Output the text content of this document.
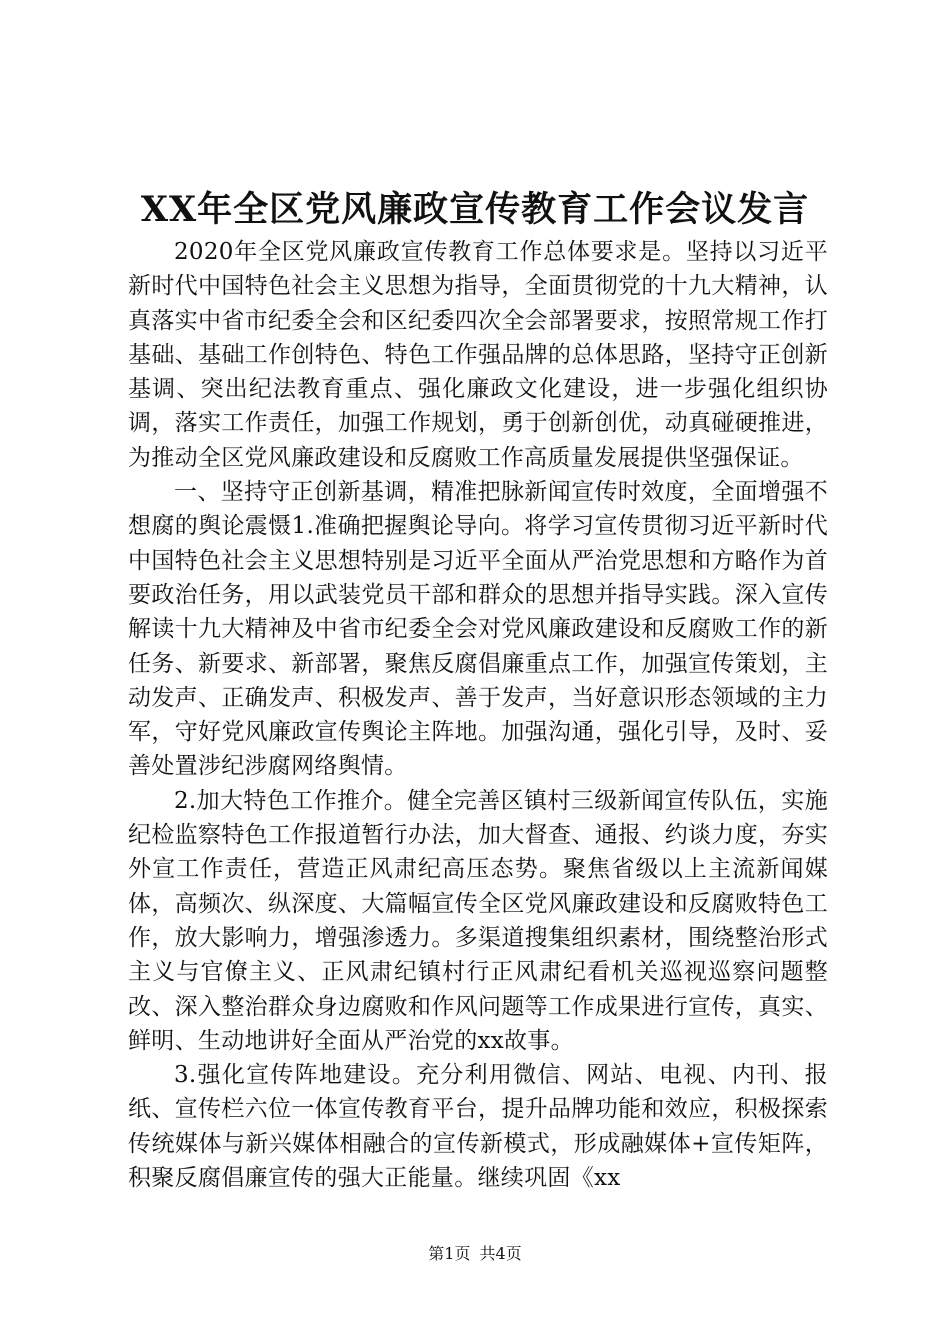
XX年全区党风廉政宣传教育工作会议发言

2020年全区党风廉政宣传教育工作总体要求是。坚持以习近平新时代中国特色社会主义思想为指导，全面贯彻党的十九大精神，认真落实中省市纪委全会和区纪委四次全会部署要求，按照常规工作打基础、基础工作创特色、特色工作强品牌的总体思路，坚持守正创新基调、突出纪法教育重点、强化廉政文化建设，进一步强化组织协调，落实工作责任，加强工作规划，勇于创新创优，动真碰硬推进，为推动全区党风廉政建设和反腐败工作高质量发展提供坚强保证。

一、坚持守正创新基调，精准把脉新闻宣传时效度，全面增强不想腐的舆论震慑1.准确把握舆论导向。将学习宣传贯彻习近平新时代中国特色社会主义思想特别是习近平全面从严治党思想和方略作为首要政治任务，用以武装党员干部和群众的思想并指导实践。深入宣传解读十九大精神及中省市纪委全会对党风廉政建设和反腐败工作的新任务、新要求、新部署，聚焦反腐倡廉重点工作，加强宣传策划，主动发声、正确发声、积极发声、善于发声，当好意识形态领域的主力军，守好党风廉政宣传舆论主阵地。加强沟通，强化引导，及时、妥善处置涉纪涉腐网络舆情。

2.加大特色工作推介。健全完善区镇村三级新闻宣传队伍，实施纪检监察特色工作报道暂行办法，加大督查、通报、约谈力度，夯实外宣工作责任，营造正风肃纪高压态势。聚焦省级以上主流新闻媒体，高频次、纵深度、大篇幅宣传全区党风廉政建设和反腐败特色工作，放大影响力，增强渗透力。多渠道搜集组织素材，围绕整治形式主义与官僚主义、正风肃纪镇村行正风肃纪看机关巡视巡察问题整改、深入整治群众身边腐败和作风问题等工作成果进行宣传，真实、鲜明、生动地讲好全面从严治党的xx故事。

3.强化宣传阵地建设。充分利用微信、网站、电视、内刊、报纸、宣传栏六位一体宣传教育平台，提升品牌功能和效应，积极探索传统媒体与新兴媒体相融合的宣传新模式，形成融媒体+宣传矩阵，积聚反腐倡廉宣传的强大正能量。继续巩固《xx

第1页 共4页
